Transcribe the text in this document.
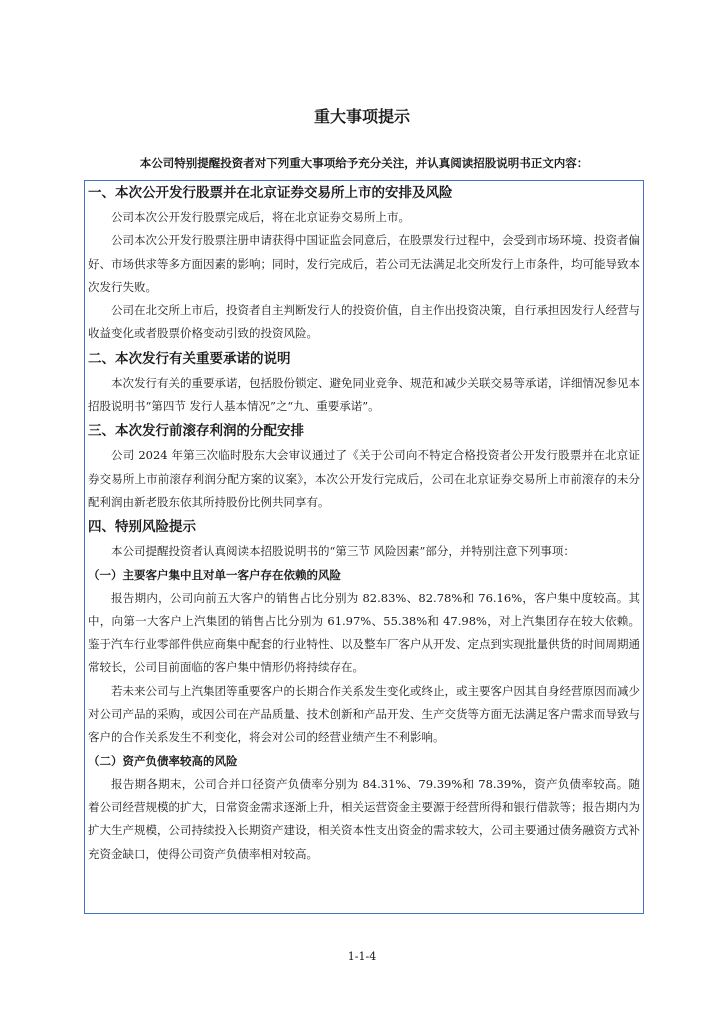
重大事项提示
本公司特别提醒投资者对下列重大事项给予充分关注，并认真阅读招股说明书正文内容：
一、本次公开发行股票并在北京证券交易所上市的安排及风险

公司本次公开发行股票完成后，将在北京证券交易所上市。

公司本次公开发行股票注册申请获得中国证监会同意后，在股票发行过程中，会受到市场环境、投资者偏好、市场供求等多方面因素的影响；同时，发行完成后，若公司无法满足北交所发行上市条件，均可能导致本次发行失败。

公司在北交所上市后，投资者自主判断发行人的投资价值，自主作出投资决策，自行承担因发行人经营与收益变化或者股票价格变动引致的投资风险。

二、本次发行有关重要承诺的说明

本次发行有关的重要承诺，包括股份锁定、避免同业竞争、规范和减少关联交易等承诺，详细情况参见本招股说明书“第四节 发行人基本情况”之“九、重要承诺”。

三、本次发行前滚存利润的分配安排

公司 2024 年第三次临时股东大会审议通过了《关于公司向不特定合格投资者公开发行股票并在北京证券交易所上市前滚存利润分配方案的议案》，本次公开发行完成后，公司在北京证券交易所上市前滚存的未分配利润由新老股东依其所持股份比例共同享有。

四、特别风险提示

本公司提醒投资者认真阅读本招股说明书的“第三节 风险因素”部分，并特别注意下列事项：

（一）主要客户集中且对单一客户存在依赖的风险

报告期内，公司向前五大客户的销售占比分别为 82.83%、82.78%和 76.16%，客户集中度较高。其中，向第一大客户上汽集团的销售占比分别为 61.97%、55.38%和 47.98%，对上汽集团存在较大依赖。鉴于汽车行业零部件供应商集中配套的行业特性、以及整车厂客户从开发、定点到实现批量供货的时间周期通常较长，公司目前面临的客户集中情形仍将持续存在。

若未来公司与上汽集团等重要客户的长期合作关系发生变化或终止，或主要客户因其自身经营原因而减少对公司产品的采购，或因公司在产品质量、技术创新和产品开发、生产交货等方面无法满足客户需求而导致与客户的合作关系发生不利变化，将会对公司的经营业绩产生不利影响。

（二）资产负债率较高的风险

报告期各期末，公司合并口径资产负债率分别为 84.31%、79.39%和 78.39%，资产负债率较高。随着公司经营规模的扩大，日常资金需求逐渐上升，相关运营资金主要源于经营所得和银行借款等；报告期内为扩大生产规模，公司持续投入长期资产建设，相关资本性支出资金的需求较大，公司主要通过债务融资方式补充资金缺口，使得公司资产负债率相对较高。

1-1-4
